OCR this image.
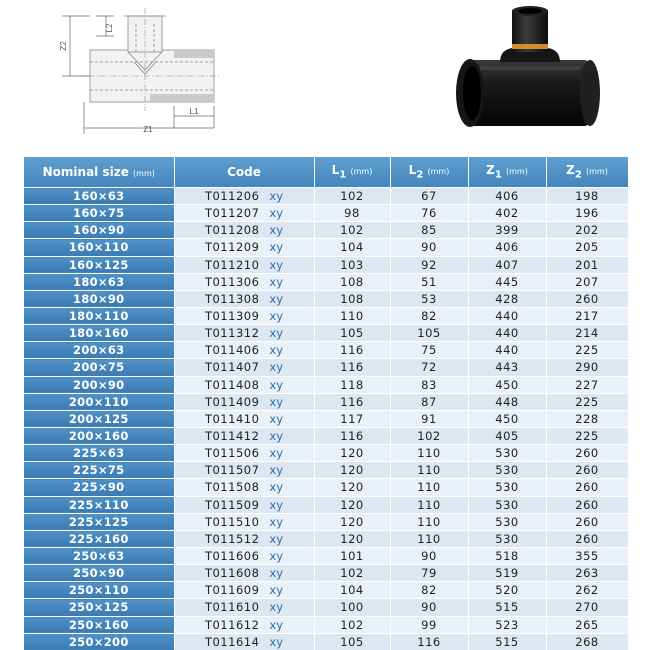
L2
Z2
L1
Z1
Nominal size (mm)	Code	$L_1$ (mm)	$L_2$ (mm)	$Z_1$ (mm)	$Z_2$ (mm)
160×63	T011206 xy	102	67	406	198
160×75	T011207 xy	98	76	402	196
160×90	T011208 xy	102	85	399	202
160×110	T011209 xy	104	90	406	205
160×125	T011210 xy	103	92	407	201
180×63	T011306 xy	108	51	445	207
180×90	T011308 xy	108	53	428	260
180×110	T011309 xy	110	82	440	217
180×160	T011312 xy	105	105	440	214
200×63	T011406 xy	116	75	440	225
200×75	T011407 xy	116	72	443	290
200×90	T011408 xy	118	83	450	227
200×110	T011409 xy	116	87	448	225
200×125	T011410 xy	117	91	450	228
200×160	T011412 xy	116	102	405	225
225×63	T011506 xy	120	110	530	260
225×75	T011507 xy	120	110	530	260
225×90	T011508 xy	120	110	530	260
225×110	T011509 xy	120	110	530	260
225×125	T011510 xy	120	110	530	260
225×160	T011512 xy	120	110	530	260
250×63	T011606 xy	101	90	518	355
250×90	T011608 xy	102	79	519	263
250×110	T011609 xy	104	82	520	262
250×125	T011610 xy	100	90	515	270
250×160	T011612 xy	102	99	523	265
250×200	T011614 xy	105	116	515	268
